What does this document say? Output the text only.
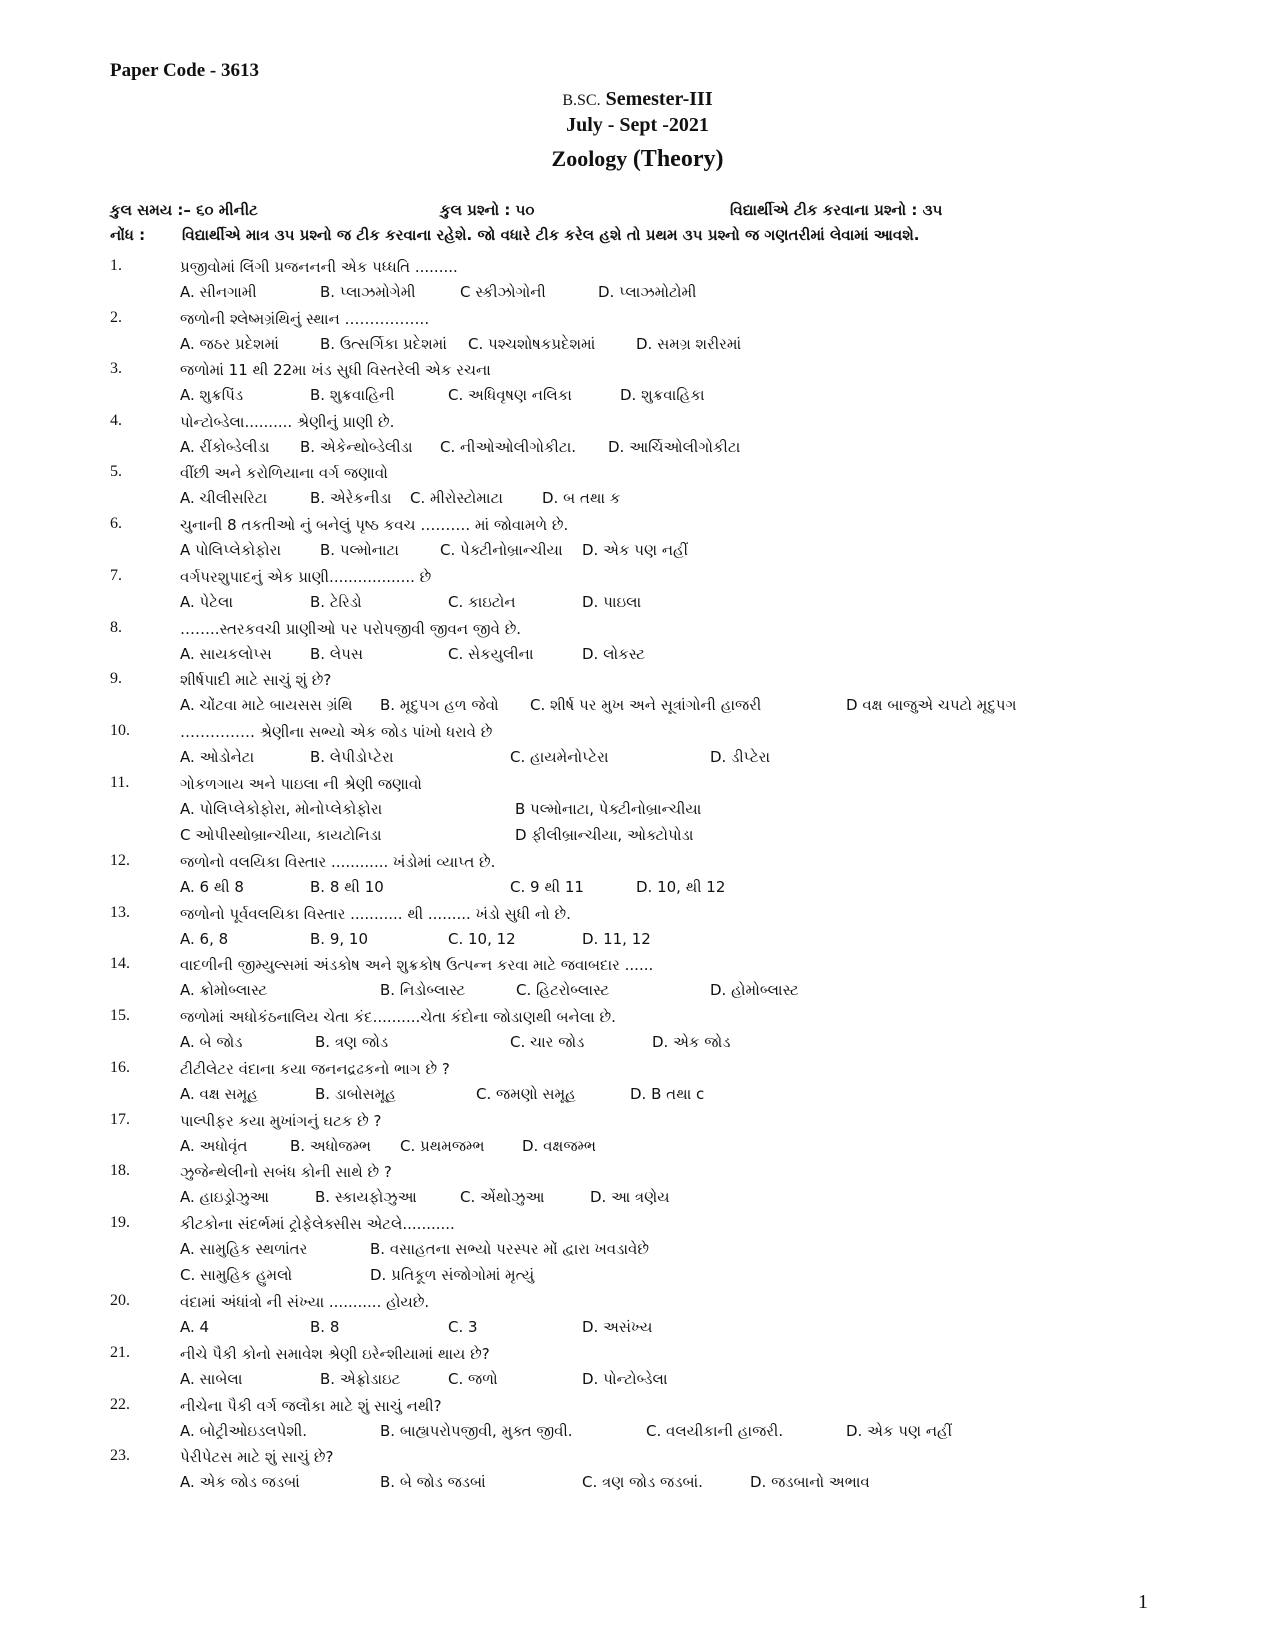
Paper Code - 3613
B.SC. Semester-III
July - Sept -2021
Zoology (Theory)
કુલ સમય :– ૬૦ મીનીટ	કુલ પ્રશ્નો : ૫૦	વિદ્યાર્થીએ ટીક કરવાના પ્રશ્નો : ૩૫
નોંધ : વિદ્યાર્થીએ માત્ર ૩૫ પ્રશ્નો જ ટીક કરવાના રહેશે. જો વધારે ટીક કરેલ હશે તો પ્રથમ ૩૫ પ્રશ્નો જ ગણતરીમાં લેવામાં આવશે.
1.	પ્રજીવોમાં લિંગી પ્રજનનની એક પધ્ધતિ .........
A. સીનગામી	B. પ્લાઝમોગેમી	C સ્કીઝોગોની	D. પ્લાઝમોટોમી
2.	જળોની શ્લેષ્મગ્રંથિનું સ્થાન ……………..
A. જઠર પ્રદેશમાં	B. ઉત્સર્ગિકા પ્રદેશમાં C. પશ્ચશોષકપ્રદેશમાં	D. સમગ્ર શરીરમાં
3.	જળોમાં 11 થી 22મા ખંડ સુધી વિસ્તરેલી એક રચના
A. શુક્રપિંડ	B. શુક્રવાહિની	C. અધિવૃષણ નલિકા	D. શુક્રવાહિકા
4.	પોન્ટોબ્ડેલા.......... શ્રેણીનું પ્રાણી છે.
A. રીંકોબ્ડેલીડા B. એકેન્થોબ્ડેલીડા C. નીઓઓલીગોકીટા. D. આર્ચિઓલીગોકીટા
5.	વીંછી અને કરોળિયાના વર્ગ જણાવો
A. ચીલીસરિટા	B. એરેકનીડા C. મીરોસ્ટોમાટા	D. બ તથા ક
6.	ચુનાની 8 તકતીઓ નું બનેલું પૃષ્ઠ કવચ ………. માં જોવામળે છે.
A પોલિપ્લેકોફોરા	B. પલ્મોનાટા	C. પેક્ટીનોબ્રાન્ચીયા D. એક પણ નહીં
7.	વર્ગપરશુપાદનું એક પ્રાણી.................. છે
A. પેટેલા	B. ટેરિડો	C. કાઇટોન	D. પાઇલા
8.	……..સ્તરકવચી પ્રાણીઓ પર પરોપજીવી જીવન જીવે છે.
A. સાયકલોપ્સ	B. લેપસ	C. સેકયુલીના	D. લોકસ્ટ
9.	શીર્ષપાદી માટે સાચું શું છે?
A. ચોંટવા માટે બાયસસ ગ્રંથિ B. મૃદુપગ હળ જેવો C. શીર્ષ પર મુખ અને સૂત્રાંગોની હાજરી	D વક્ષ બાજુએ ચપટો મૃદુપગ
10.	…………… શ્રેણીના સભ્યો એક જોડ પાંખો ધરાવે છે
A. ઓડોનેટા	B. લેપીડોપ્ટેરા	C. હાયમેનોપ્ટેરા	D. ડીપ્ટેરા
11.	ગોકળગાય અને પાઇલા ની શ્રેણી જણાવો
A. પોલિપ્લેકોફોરા, મોનોપ્લેકોફોરા	B પલ્મોનાટા, પેક્ટીનોબ્રાન્ચીયા
C ઓપીસ્થોબ્રાન્ચીયા, કાયટોનિડા	D ફીલીબ્રાન્ચીયા, ઓક્ટોપોડા
12.	જળોનો વલયિકા વિસ્તાર ............ ખંડોમાં વ્યાપ્ત છે.
A. 6 થી 8	B. 8 થી 10	C. 9 થી 11	D. 10, થી 12
13.	જળોનો પૂર્વવલયિકા વિસ્તાર ........... થી ......... ખંડો સુધી નો છે.
A. 6, 8	B. 9, 10	C. 10, 12	D. 11, 12
14.	વાદળીની જીમ્યુલ્સમાં અંડકોષ અને શુક્રકોષ ઉત્પન્ન કરવા માટે જવાબદાર ......
A. ક્રોમોબ્લાસ્ટ	B. નિડોબ્લાસ્ટ	C. હિટરોબ્લાસ્ટ	D. હોમોબ્લાસ્ટ
15.	જળોમાં અધોકંઠનાલિય ચેતા કંદ..........ચેતા કંદોના જોડાણથી બનેલા છે.
A. બે જોડ	B. ત્રણ જોડ	C. ચાર જોડ	D. એક જોડ
16.	ટીટીલેટર વંદાના કયા જનનદ્રઢકનો ભાગ છે ?
A. વક્ષ સમૂહ	B. ડાબોસમૂહ	C. જમણો સમૂહ	D. B તથા c
17.	પાલ્પીફર કયા મુખાંગનું ઘટક છે ?
A. અધોવૃંત	B. અધોજમ્ભ C. પ્રથમજમ્ભ	D. વક્ષજમ્ભ
18.	ઝુજેન્થેલીનો સબંધ કોની સાથે છે ?
A. હાઇડ્રોઝુઆ	B. સ્કાયફોઝુઆ	C. એંથોઝુઆ	D. આ ત્રણેય
19.	કીટકોના સંદર્ભમાં ટ્રોફેલેક્સીસ એટલે...........
A. સામુહિક સ્થળાંતર	B. વસાહતના સભ્યો પરસ્પર મોં દ્વારા ખવડાવેછે
C. સામુહિક હુમલો	D. પ્રતિકૂળ સંજોગોમાં મૃત્યું
20.	વંદામાં અંધાંત્રો ની સંખ્યા ........... હોયછે.
A. 4	B. 8	C. 3	D. અસંખ્ય
21.	નીચે પૈકી કોનો સમાવેશ શ્રેણી ઇરેન્શીયામાં થાય છે?
A. સાબેલા	B. એફ્રોડાઇટ	C. જળો	D. પોન્ટોબ્ડેલા
22.	નીચેના પૈકી વર્ગ જલૌકા માટે શું સાચું નથી?
A. બોટ્રીઓઇડલપેશી.	B. બાહ્યપરોપજીવી, મુક્ત જીવી.	C. વલયીકાની હાજરી.	D. એક પણ નહીં
23.	પેરીપેટસ માટે શું સાચું છે?
A. એક જોડ જડબાં	B. બે જોડ જડબાં	C. ત્રણ જોડ જડબાં.	D. જડબાનો અભાવ
1
